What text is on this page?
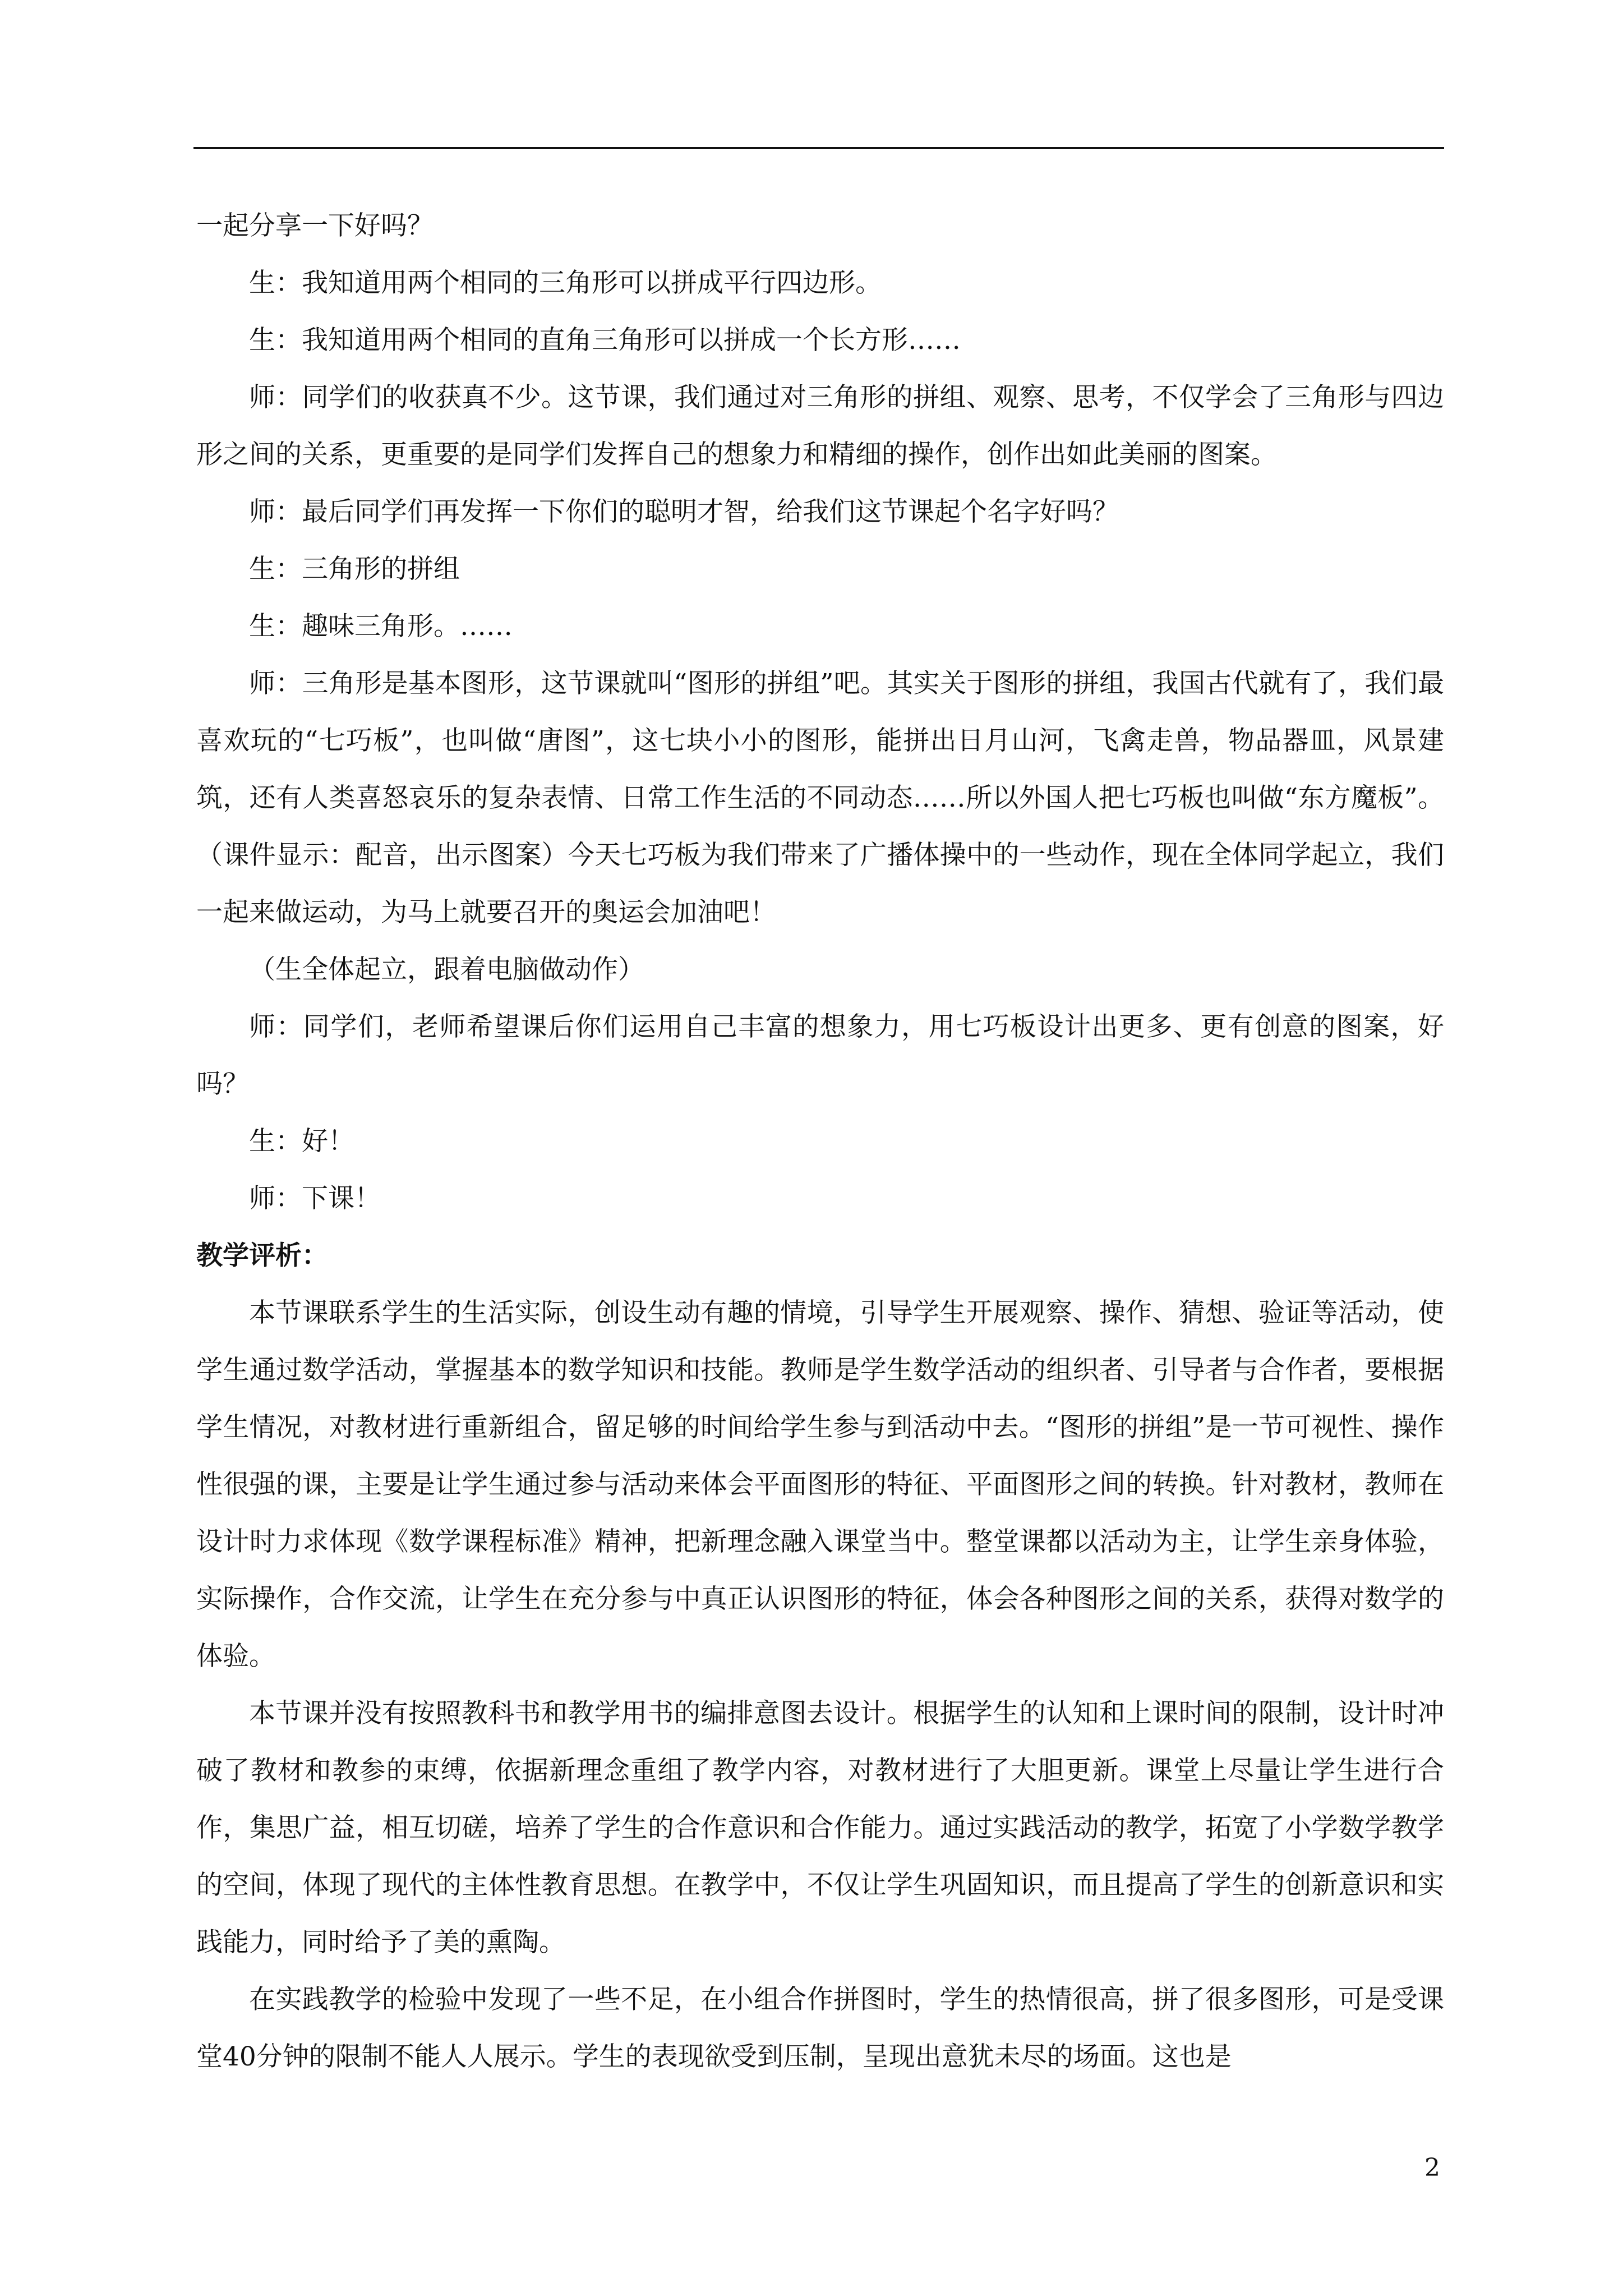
一起分享一下好吗？

生：我知道用两个相同的三角形可以拼成平行四边形。

生：我知道用两个相同的直角三角形可以拼成一个长方形……

师：同学们的收获真不少。这节课，我们通过对三角形的拼组、观察、思考，不仅学会了三角形与四边形之间的关系，更重要的是同学们发挥自己的想象力和精细的操作，创作出如此美丽的图案。

师：最后同学们再发挥一下你们的聪明才智，给我们这节课起个名字好吗？

生：三角形的拼组

生：趣味三角形。……

师：三角形是基本图形，这节课就叫“图形的拼组”吧。其实关于图形的拼组，我国古代就有了，我们最喜欢玩的“七巧板”，也叫做“唐图”，这七块小小的图形，能拼出日月山河，飞禽走兽，物品器皿，风景建筑，还有人类喜怒哀乐的复杂表情、日常工作生活的不同动态……所以外国人把七巧板也叫做“东方魔板”。（课件显示：配音，出示图案）今天七巧板为我们带来了广播体操中的一些动作，现在全体同学起立，我们一起来做运动，为马上就要召开的奥运会加油吧！

（生全体起立，跟着电脑做动作）

师：同学们，老师希望课后你们运用自己丰富的想象力，用七巧板设计出更多、更有创意的图案，好吗？

生：好！

师：下课！

教学评析：

本节课联系学生的生活实际，创设生动有趣的情境，引导学生开展观察、操作、猜想、验证等活动，使学生通过数学活动，掌握基本的数学知识和技能。教师是学生数学活动的组织者、引导者与合作者，要根据学生情况，对教材进行重新组合，留足够的时间给学生参与到活动中去。“图形的拼组”是一节可视性、操作性很强的课，主要是让学生通过参与活动来体会平面图形的特征、平面图形之间的转换。针对教材，教师在设计时力求体现《数学课程标准》精神，把新理念融入课堂当中。整堂课都以活动为主，让学生亲身体验，实际操作，合作交流，让学生在充分参与中真正认识图形的特征，体会各种图形之间的关系，获得对数学的体验。

本节课并没有按照教科书和教学用书的编排意图去设计。根据学生的认知和上课时间的限制，设计时冲破了教材和教参的束缚，依据新理念重组了教学内容，对教材进行了大胆更新。课堂上尽量让学生进行合作，集思广益，相互切磋，培养了学生的合作意识和合作能力。通过实践活动的教学，拓宽了小学数学教学的空间，体现了现代的主体性教育思想。在教学中，不仅让学生巩固知识，而且提高了学生的创新意识和实践能力，同时给予了美的熏陶。

在实践教学的检验中发现了一些不足，在小组合作拼图时，学生的热情很高，拼了很多图形，可是受课堂40分钟的限制不能人人展示。学生的表现欲受到压制，呈现出意犹未尽的场面。这也是

2
